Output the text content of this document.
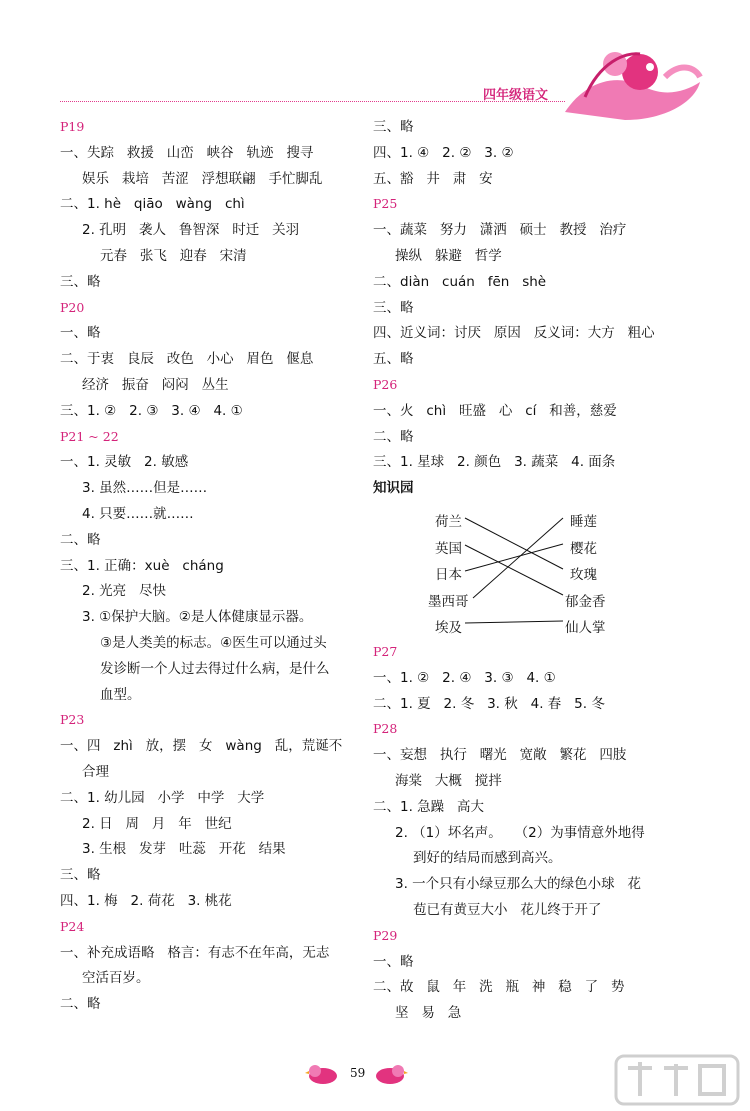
四年级语文
P19
一、失踪   救援   山峦   峡谷   轨迹   搜寻
娱乐   栽培   苦涩   浮想联翩   手忙脚乱
二、1. hè   qiāo   wàng   chì
2. 孔明   袭人   鲁智深   时迁   关羽
元春   张飞   迎春   宋清
三、略
P20
一、略
二、于衷   良辰   改色   小心   眉色   偃息
经济   振奋   闷闷   丛生
三、1. ②   2. ③   3. ④   4. ①
P21 ~ 22
一、1. 灵敏   2. 敏感
3. 虽然……但是……
4. 只要……就……
二、略
三、1. 正确：xuè   cháng
2. 光亮   尽快
3. ①保护大脑。②是人体健康显示器。
③是人类美的标志。④医生可以通过头
发诊断一个人过去得过什么病，是什么
血型。
P23
一、四   zhì   放，摆   女   wàng   乱，荒诞不
合理
二、1. 幼儿园   小学   中学   大学
2. 日   周   月   年   世纪
3. 生根   发芽   吐蕊   开花   结果
三、略
四、1. 梅   2. 荷花   3. 桃花
P24
一、补充成语略   格言：有志不在年高，无志
空活百岁。
二、略
三、略
四、1. ④   2. ②   3. ②
五、豁   井   肃   安
P25
一、蔬菜   努力   潇洒   硕士   教授   治疗
操纵   躲避   哲学
二、diàn   cuán   fēn   shè
三、略
四、近义词：讨厌   原因   反义词：大方   粗心
五、略
P26
一、火   chì   旺盛   心   cí   和善，慈爱
二、略
三、1. 星球   2. 颜色   3. 蔬菜   4. 面条
知识园
P27
一、1. ②   2. ④   3. ③   4. ①
二、1. 夏   2. 冬   3. 秋   4. 春   5. 冬
P28
一、妄想   执行   曙光   宽敞   繁花   四肢
海棠   大概   搅拌
二、1. 急躁   高大
2. （1）坏名声。   （2）为事情意外地得
到好的结局而感到高兴。
3. 一个只有小绿豆那么大的绿色小球   花
苞已有黄豆大小   花儿终于开了
P29
一、略
二、故   鼠   年   洗   瓶   神   稳   了   势
坚   易   急
荷兰
英国
日本
墨西哥
埃及
睡莲
樱花
玫瑰
郁金香
仙人掌
59
